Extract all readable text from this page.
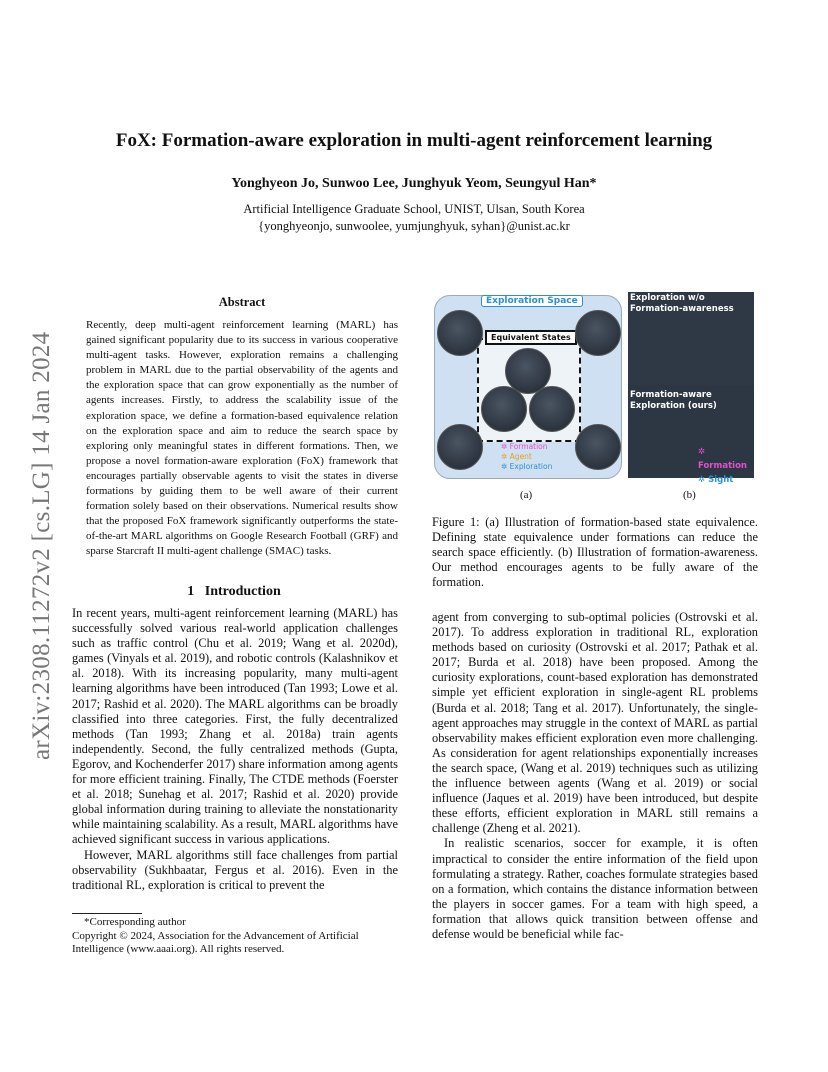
FoX: Formation-aware exploration in multi-agent reinforcement learning
Yonghyeon Jo, Sunwoo Lee, Junghyuk Yeom, Seungyul Han*
Artificial Intelligence Graduate School, UNIST, Ulsan, South Korea
{yonghyeonjo, sunwoolee, yumjunghyuk, syhan}@unist.ac.kr
arXiv:2308.11272v2 [cs.LG] 14 Jan 2024
Abstract
Recently, deep multi-agent reinforcement learning (MARL) has gained significant popularity due to its success in various cooperative multi-agent tasks. However, exploration remains a challenging problem in MARL due to the partial observability of the agents and the exploration space that can grow exponentially as the number of agents increases. Firstly, to address the scalability issue of the exploration space, we define a formation-based equivalence relation on the exploration space and aim to reduce the search space by exploring only meaningful states in different formations. Then, we propose a novel formation-aware exploration (FoX) framework that encourages partially observable agents to visit the states in diverse formations by guiding them to be well aware of their current formation solely based on their observations. Numerical results show that the proposed FoX framework significantly outperforms the state-of-the-art MARL algorithms on Google Research Football (GRF) and sparse Starcraft II multi-agent challenge (SMAC) tasks.
1 Introduction

In recent years, multi-agent reinforcement learning (MARL) has successfully solved various real-world application challenges such as traffic control (Chu et al. 2019; Wang et al. 2020d), games (Vinyals et al. 2019), and robotic controls (Kalashnikov et al. 2018). With its increasing popularity, many multi-agent learning algorithms have been introduced (Tan 1993; Lowe et al. 2017; Rashid et al. 2020). The MARL algorithms can be broadly classified into three categories. First, the fully decentralized methods (Tan 1993; Zhang et al. 2018a) train agents independently. Second, the fully centralized methods (Gupta, Egorov, and Kochenderfer 2017) share information among agents for more efficient training. Finally, The CTDE methods (Foerster et al. 2018; Sunehag et al. 2017; Rashid et al. 2020) provide global information during training to alleviate the nonstationarity while maintaining scalability. As a result, MARL algorithms have achieved significant success in various applications.

However, MARL algorithms still face challenges from partial observability (Sukhbaatar, Fergus et al. 2016). Even in the traditional RL, exploration is critical to prevent the

*Corresponding author
Copyright © 2024, Association for the Advancement of Artificial Intelligence (www.aaai.org). All rights reserved.
Exploration Space
Equivalent States
✲ Formation
✲ Agent
✲ Exploration
Exploration w/o Formation-awareness
Formation-aware Exploration (ours)
✲ Formation
✲ Sight
(a)	(b)
Figure 1: (a) Illustration of formation-based state equivalence. Defining state equivalence under formations can reduce the search space efficiently. (b) Illustration of formation-awareness. Our method encourages agents to be fully aware of the formation.

agent from converging to sub-optimal policies (Ostrovski et al. 2017). To address exploration in traditional RL, exploration methods based on curiosity (Ostrovski et al. 2017; Pathak et al. 2017; Burda et al. 2018) have been proposed. Among the curiosity explorations, count-based exploration has demonstrated simple yet efficient exploration in single-agent RL problems (Burda et al. 2018; Tang et al. 2017). Unfortunately, the single-agent approaches may struggle in the context of MARL as partial observability makes efficient exploration even more challenging. As consideration for agent relationships exponentially increases the search space, (Wang et al. 2019) techniques such as utilizing the influence between agents (Wang et al. 2019) or social influence (Jaques et al. 2019) have been introduced, but despite these efforts, efficient exploration in MARL still remains a challenge (Zheng et al. 2021).

In realistic scenarios, soccer for example, it is often impractical to consider the entire information of the field upon formulating a strategy. Rather, coaches formulate strategies based on a formation, which contains the distance information between the players in soccer games. For a team with high speed, a formation that allows quick transition between offense and defense would be beneficial while fac-
